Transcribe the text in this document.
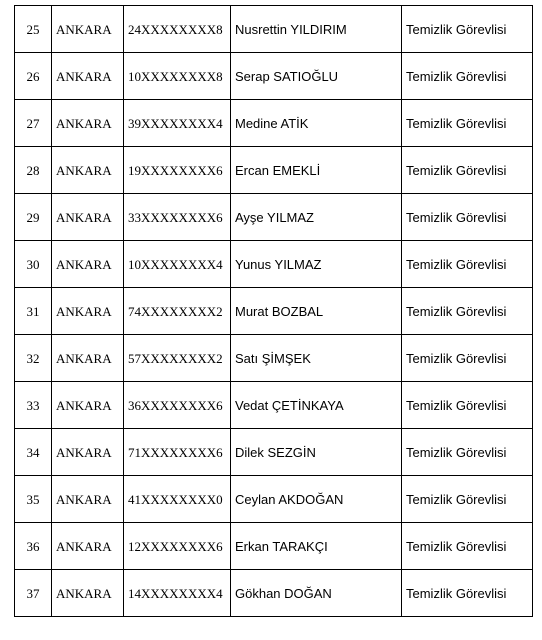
25	ANKARA	24XXXXXXXX8	Nusrettin YILDIRIM	Temizlik Görevlisi
26	ANKARA	10XXXXXXXX8	Serap SATIOĞLU	Temizlik Görevlisi
27	ANKARA	39XXXXXXXX4	Medine ATİK	Temizlik Görevlisi
28	ANKARA	19XXXXXXXX6	Ercan EMEKLİ	Temizlik Görevlisi
29	ANKARA	33XXXXXXXX6	Ayşe YILMAZ	Temizlik Görevlisi
30	ANKARA	10XXXXXXXX4	Yunus YILMAZ	Temizlik Görevlisi
31	ANKARA	74XXXXXXXX2	Murat BOZBAL	Temizlik Görevlisi
32	ANKARA	57XXXXXXXX2	Satı ŞİMŞEK	Temizlik Görevlisi
33	ANKARA	36XXXXXXXX6	Vedat ÇETİNKAYA	Temizlik Görevlisi
34	ANKARA	71XXXXXXXX6	Dilek SEZGİN	Temizlik Görevlisi
35	ANKARA	41XXXXXXXX0	Ceylan AKDOĞAN	Temizlik Görevlisi
36	ANKARA	12XXXXXXXX6	Erkan TARAKÇI	Temizlik Görevlisi
37	ANKARA	14XXXXXXXX4	Gökhan DOĞAN	Temizlik Görevlisi
